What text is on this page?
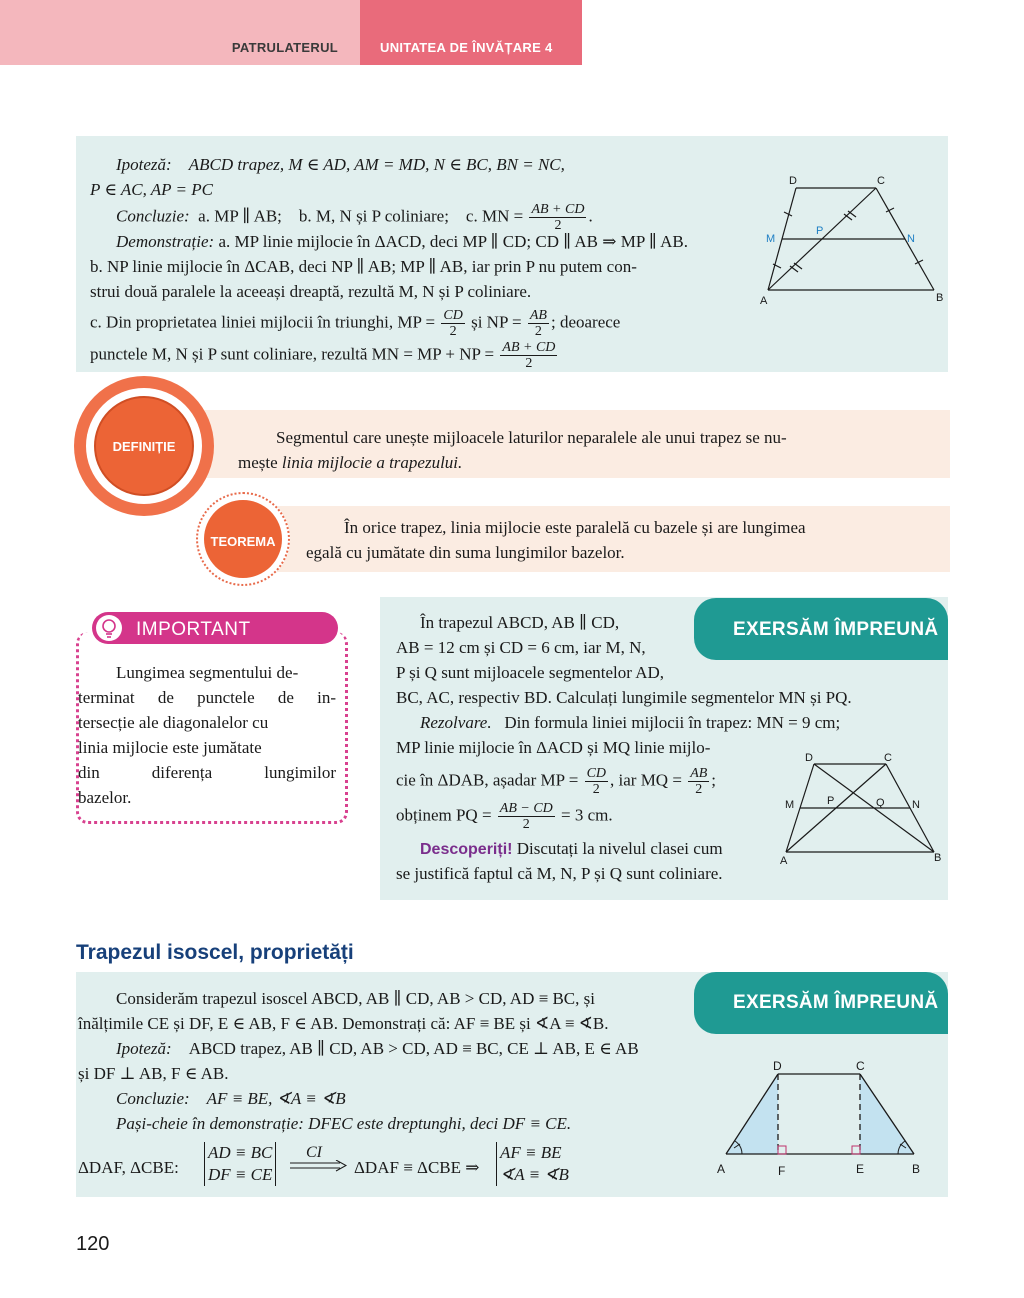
PATRULATERUL	UNITATEA DE ÎNVĂȚARE 4
Ipoteză: ABCD trapez, M ∈ AD, AM = MD, N ∈ BC, BN = NC,
P ∈ AC, AP = PC
Concluzie: a. MP ∥ AB; b. M, N și P coliniare; c. MN = $\frac{AB + CD}{2}$ .
Demonstrație: a. MP linie mijlocie în ΔACD, deci MP ∥ CD; CD ∥ AB ⇒ MP ∥ AB.
b. NP linie mijlocie în ΔCAB, deci NP ∥ AB; MP ∥ AB, iar prin P nu putem con-
strui două paralele la aceeași dreaptă, rezultă M, N și P coliniare.
c. Din proprietatea liniei mijlocii în triunghi, MP = $\frac{CD}{2}$ și NP = $\frac{AB}{2}$ ; deoarece
punctele M, N și P sunt coliniare, rezultă MN = MP + NP = $\frac{AB + CD}{2}$
D	C
M
P
N
A	B
DEFINIȚIE	Segmentul care unește mijloacele laturilor neparalele ale unui trapez se nu-
mește linia mijlocie a trapezului.
TEOREMA
În orice trapez, linia mijlocie este paralelă cu bazele și are lungimea
egală cu jumătate din suma lungimilor bazelor.
IMPORTANT
Lungimea segmentului de-
terminat de punctele de in-
tersecție ale diagonalelor cu
linia mijlocie este jumătate
din diferența lungimilor
bazelor.
EXERSĂM ÎMPREUNĂ
În trapezul ABCD, AB ∥ CD,
AB = 12 cm și CD = 6 cm, iar M, N,
P și Q sunt mijloacele segmentelor AD,
BC, AC, respectiv BD. Calculați lungimile segmentelor MN și PQ.
Rezolvare. Din formula liniei mijlocii în trapez: MN = 9 cm;
MP linie mijlocie în ΔACD și MQ linie mijlo-
cie în ΔDAB, așadar MP = $\frac{CD}{2}$ , iar MQ = $\frac{AB}{2}$ ;
obținem PQ = $\frac{AB - CD}{2} = 3$ cm.
Descoperiți! Discutați la nivelul clasei cum
se justifică faptul că M, N, P și Q sunt coliniare.
D	C
M	P	Q N
A	B
Trapezul isoscel, proprietăți
EXERSĂM ÎMPREUNĂ
Considerăm trapezul isoscel ABCD, AB ∥ CD, AB > CD, AD ≡ BC, și
înălțimile CE și DF, E ∈ AB, F ∈ AB. Demonstrați că: AF ≡ BE și ∢A ≡ ∢B.
Ipoteză: ABCD trapez, AB ∥ CD, AB > CD, AD ≡ BC, CE ⊥ AB, E ∈ AB
și DF ⊥ AB, F ∈ AB.
Concluzie: AF ≡ BE, ∢A ≡ ∢B
Pași-cheie în demonstrație: DFEC este dreptunghi, deci DF ≡ CE.
ΔDAF, ΔCBE:
AD ≡ BC
DF ≡ CE
CI
ΔDAF ≡ ΔCBE ⇒
AF ≡ BE
∢A ≡ ∢B
D	C
A	F	E	B
120
